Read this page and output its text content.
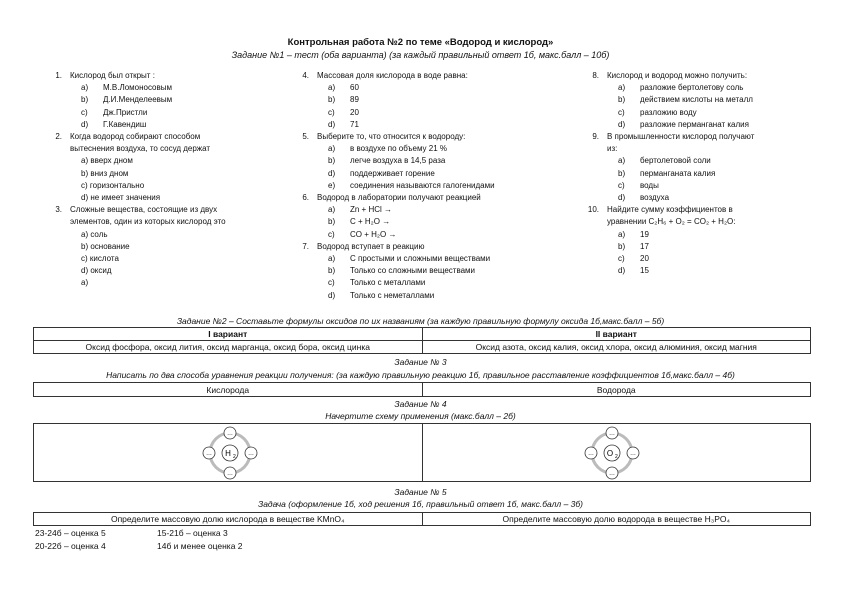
Контрольная работа №2 по теме «Водород и кислород»
Задание №1 – тест (оба варианта) (за каждый правильный ответ 1б, макс.балл – 10б)
1.	Кислород был открыт :
a)	М.В.Ломоносовым
b)	Д.И.Менделеевым
c)	Дж.Пристли
d)	Г.Кавендиш
2.	Когда водород собирают способом
вытеснения воздуха, то сосуд держат
a) вверх дном
b) вниз дном
c) горизонтально
d) не имеет значения
3.	Сложные вещества, состоящие из двух
элементов, один из которых кислород это
a) соль
b) основание
c) кислота
d) оксид
a)
4.	Массовая доля кислорода в воде равна:
a)	60
b)	89
c)	20
d)	71
5.	Выберите то, что относится к водороду:
a)	в воздухе по объему 21 %
b)	легче воздуха в 14,5 раза
d)	поддерживает горение
e)	соединения называются галогенидами
6.	Водород в лаборатории получают реакцией
a)	Zn + HCl →
b)	C + H₂O →
c)	CO + H₂O →
7.	Водород вступает в реакцию
a)	С простыми и сложными веществами
b)	Только со сложными веществами
c)	Только с металлами
d)	Только с неметаллами
8.	Кислород и водород можно получить:
a)	разложие бертолетову соль
b)	действием кислоты на металл
c)	разложию воду
d)	разложие перманганат калия
9.	В промышленности кислород получают
из:
a)	бертолетовой соли
b)	перманганата калия
c)	воды
d)	воздуха
10.	Найдите сумму коэффициентов в
уравнении C₂H₆ + O₂ = CO₂ + H₂O:
a)	19
b)	17
c)	20
d)	15
Задание №2 – Составьте формулы оксидов по их названиям (за каждую правильную формулу оксида 1б,макс.балл – 5б)
I вариант	II вариант
Оксид фосфора, оксид лития, оксид марганца, оксид бора, оксид цинка	Оксид азота, оксид калия, оксид хлора, оксид алюминия, оксид магния
Задание № 3
Написать по два способа уравнения реакции получения: (за каждую правильную реакцию 1б, правильное расставление коэффициентов 1б,макс.балл – 4б)
Кислорода	Водорода
Задание № 4
Начертите схему применения (макс.балл – 2б)

H 2
…
…
…	…	O 2
…
…
…	…
Задание № 5
Задача (оформление 1б, ход решения 1б, правильный ответ 1б, макс.балл – 3б)
Определите массовую долю кислорода в веществе KMnO₄	Определите массовую долю водорода в веществе H₃PO₄
23-24б – оценка 5	15-21б – оценка 3
20-22б – оценка 4	14б и менее оценка 2
